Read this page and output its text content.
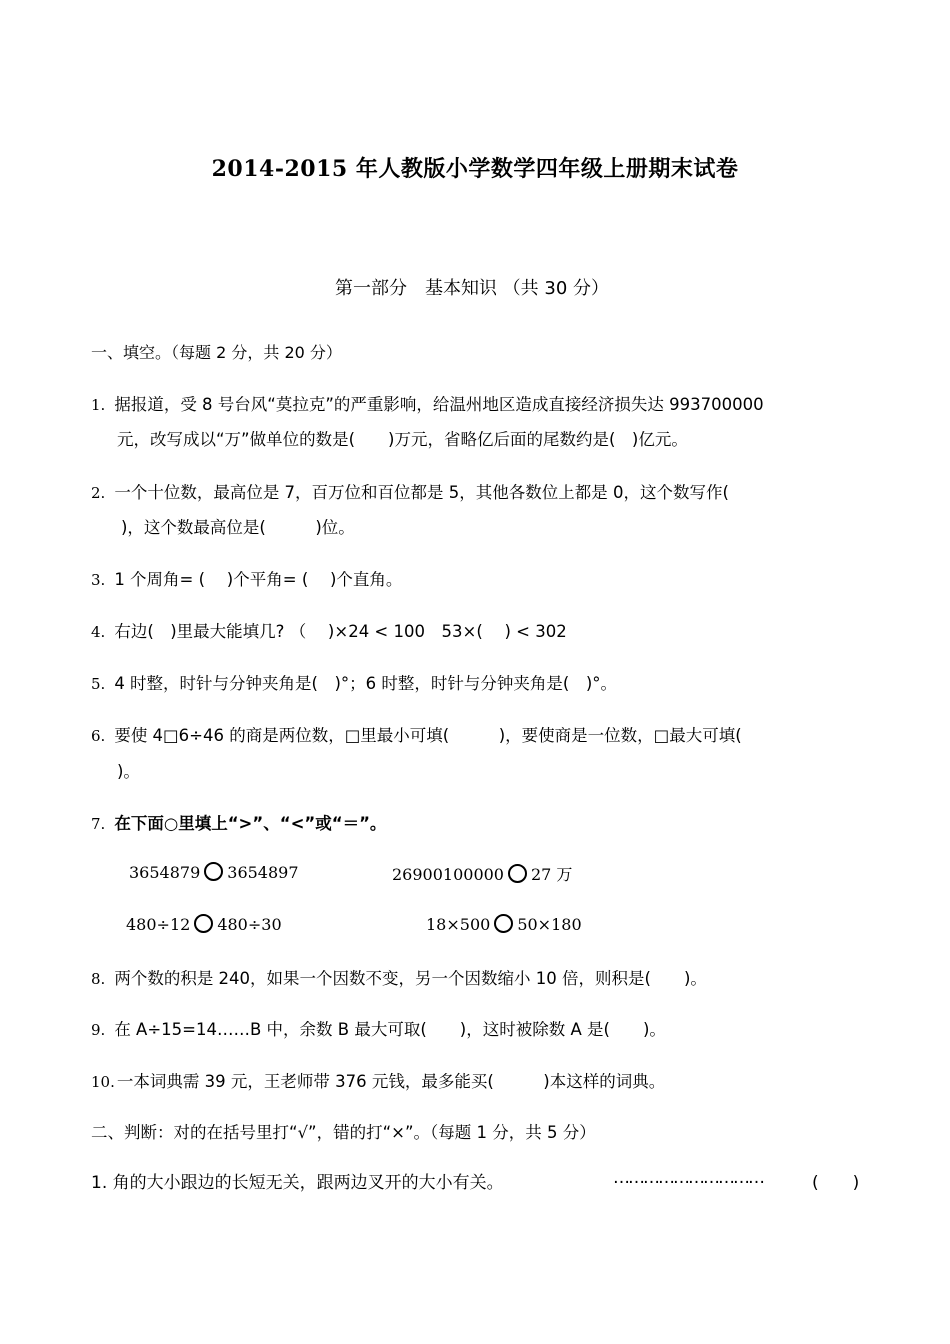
2014-2015 年人教版小学数学四年级上册期末试卷
第一部分　基本知识 （共 30 分）
一、填空。（每题 2 分，共 20 分）
1. 据报道，受 8 号台风“莫拉克”的严重影响，给温州地区造成直接经济损失达 993700000
元，改写成以“万”做单位的数是(　　)万元，省略亿后面的尾数约是(　)亿元。
2. 一个十位数，最高位是 7，百万位和百位都是 5，其他各数位上都是 0，这个数写作(
)，这个数最高位是(　　　)位。
3. 1 个周角= (　 )个平角= (　 )个直角。
4. 右边(　)里最大能填几? （　 )×24 < 100　53×(　 ) < 302
5. 4 时整，时针与分钟夹角是(　)°；6 时整，时针与分钟夹角是(　)°。
6. 要使 4□6÷46 的商是两位数，□里最小可填(　　　)，要使商是一位数，□最大可填(
)。
7. 在下面○里填上“>”、“<”或“＝”。
3654879 3654897	26900100000 27 万
480÷12 480÷30	18×500 50×180
8. 两个数的积是 240，如果一个因数不变，另一个因数缩小 10 倍，则积是(　　)。
9. 在 A÷15=14……B 中，余数 B 最大可取(　　)，这时被除数 A 是(　　)。
10. 一本词典需 39 元，王老师带 376 元钱，最多能买(　　　)本这样的词典。
二、判断：对的在括号里打“√”，错的打“×”。（每题 1 分，共 5 分）
1. 角的大小跟边的长短无关，跟两边叉开的大小有关。	…………………………	(　　)
